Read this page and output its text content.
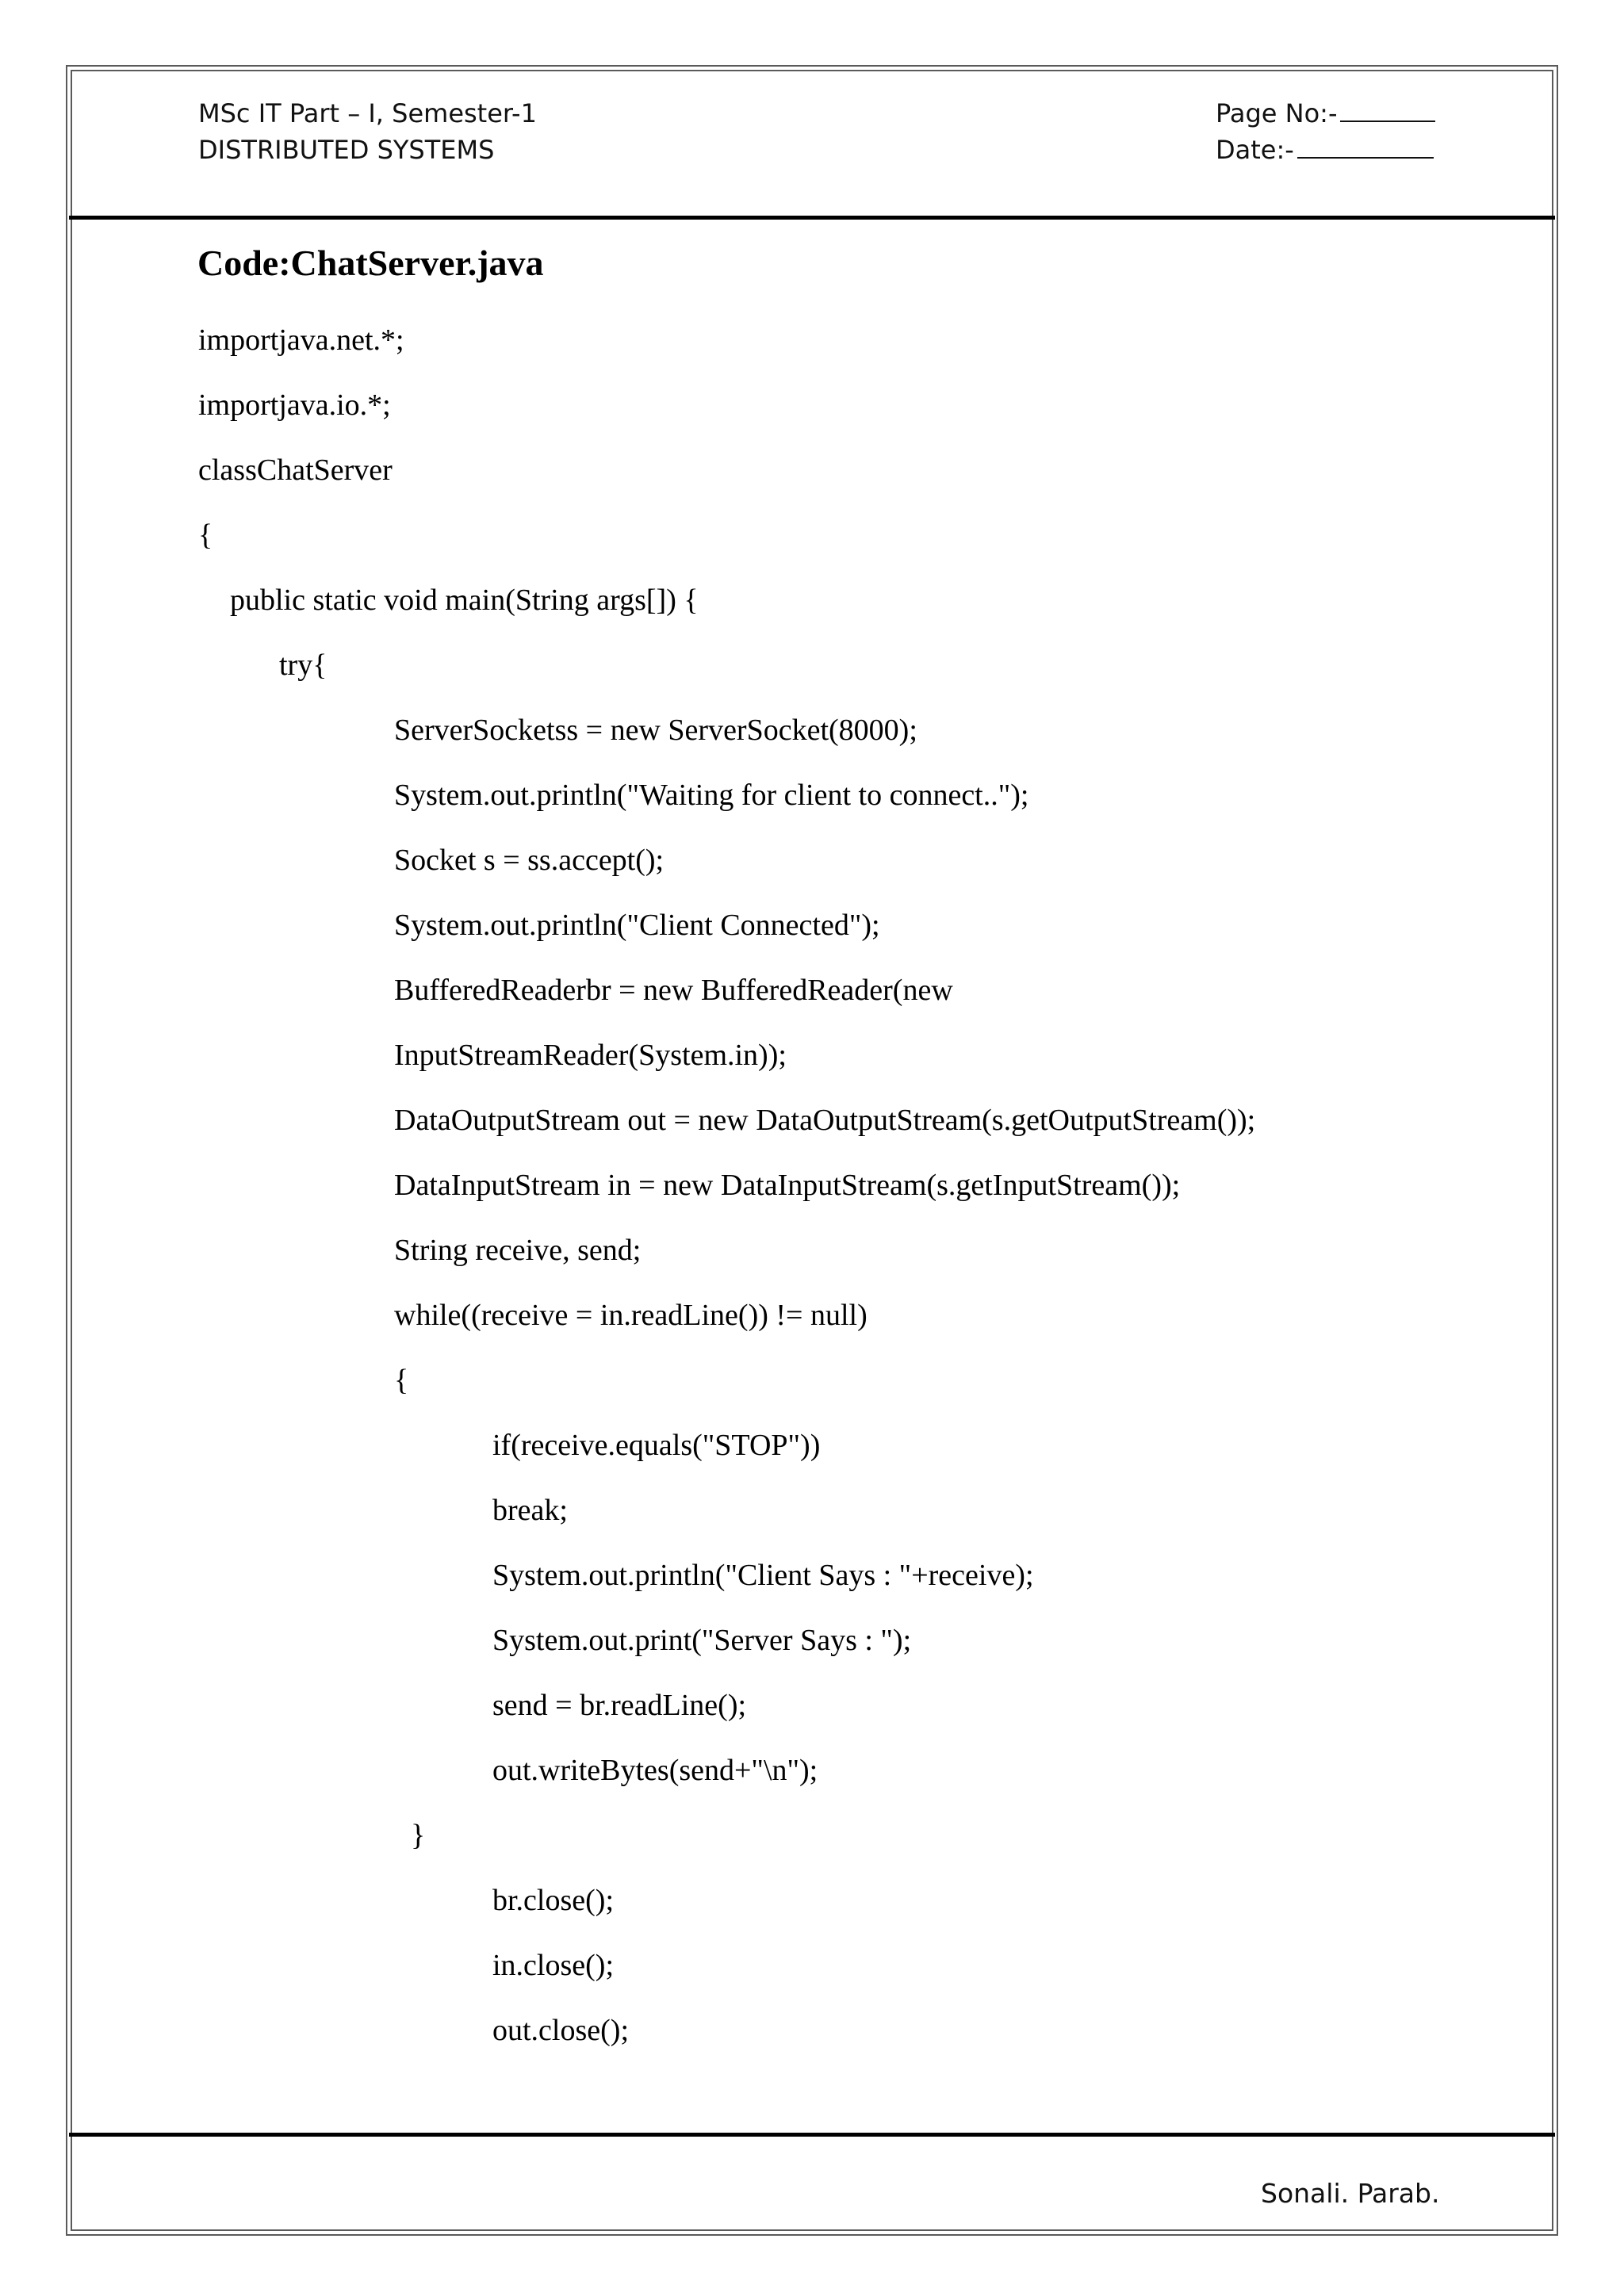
MSc IT Part – I, Semester-1
DISTRIBUTED SYSTEMS
Page No:-
Date:-
Code:ChatServer.java
importjava.net.*;
importjava.io.*;
classChatServer
{
public static void main(String args[]) {
try{
ServerSocketss = new ServerSocket(8000);
System.out.println("Waiting for client to connect..");
Socket s = ss.accept();
System.out.println("Client Connected");
BufferedReaderbr = new BufferedReader(new
InputStreamReader(System.in));
DataOutputStream out = new DataOutputStream(s.getOutputStream());
DataInputStream in = new DataInputStream(s.getInputStream());
String receive, send;
while((receive = in.readLine()) != null)
{
if(receive.equals("STOP"))
break;
System.out.println("Client Says : "+receive);
System.out.print("Server Says : ");
send = br.readLine();
out.writeBytes(send+"\n");
}
br.close();
in.close();
out.close();
Sonali. Parab.
